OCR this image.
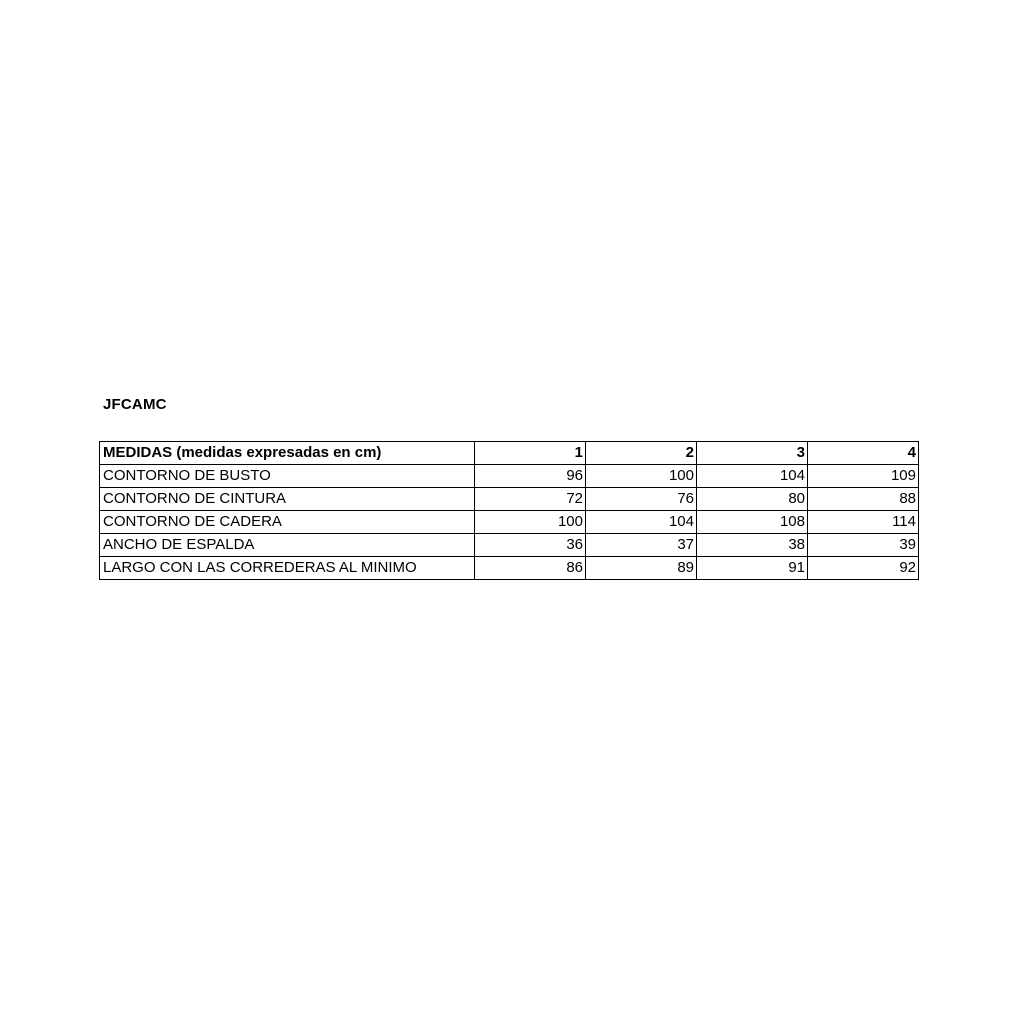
JFCAMC
MEDIDAS (medidas expresadas en cm)	1	2	3	4
CONTORNO DE BUSTO	96	100	104	109
CONTORNO DE CINTURA	72	76	80	88
CONTORNO DE CADERA	100	104	108	114
ANCHO DE ESPALDA	36	37	38	39
LARGO CON LAS CORREDERAS AL MINIMO	86	89	91	92
